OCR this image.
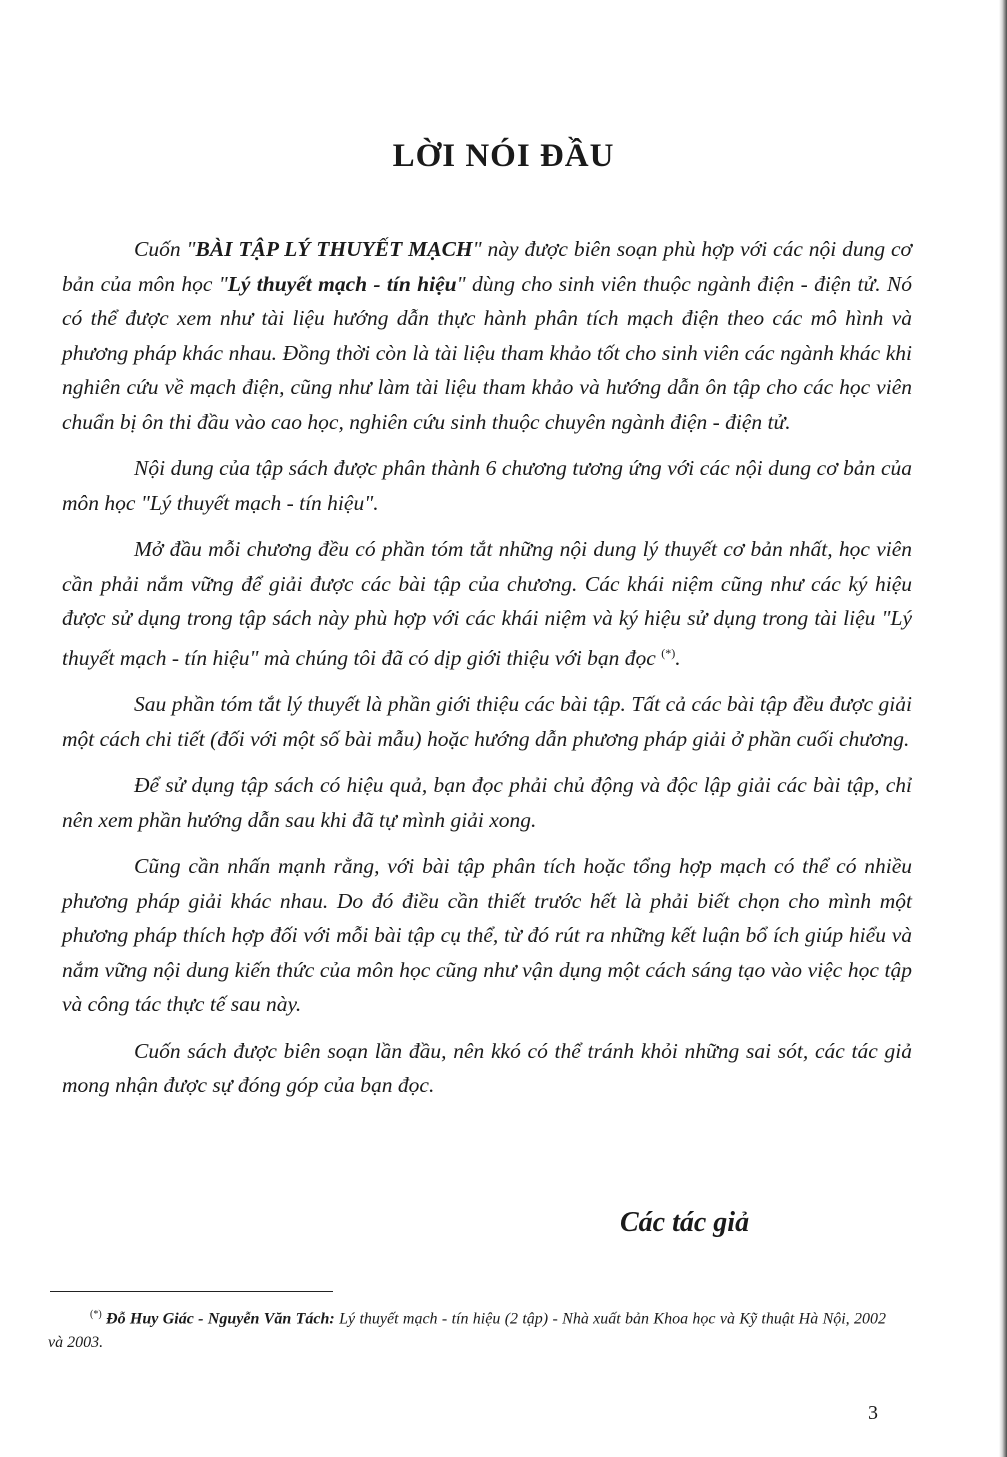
LỜI NÓI ĐẦU

Cuốn "BÀI TẬP LÝ THUYẾT MẠCH" này được biên soạn phù hợp với các nội dung cơ bản của môn học "Lý thuyết mạch - tín hiệu" dùng cho sinh viên thuộc ngành điện - điện tử. Nó có thể được xem như tài liệu hướng dẫn thực hành phân tích mạch điện theo các mô hình và phương pháp khác nhau. Đồng thời còn là tài liệu tham khảo tốt cho sinh viên các ngành khác khi nghiên cứu về mạch điện, cũng như làm tài liệu tham khảo và hướng dẫn ôn tập cho các học viên chuẩn bị ôn thi đầu vào cao học, nghiên cứu sinh thuộc chuyên ngành điện - điện tử.

Nội dung của tập sách được phân thành 6 chương tương ứng với các nội dung cơ bản của môn học "Lý thuyết mạch - tín hiệu".

Mở đầu mỗi chương đều có phần tóm tắt những nội dung lý thuyết cơ bản nhất, học viên cần phải nắm vững để giải được các bài tập của chương. Các khái niệm cũng như các ký hiệu được sử dụng trong tập sách này phù hợp với các khái niệm và ký hiệu sử dụng trong tài liệu "Lý thuyết mạch - tín hiệu" mà chúng tôi đã có dịp giới thiệu với bạn đọc (*).

Sau phần tóm tắt lý thuyết là phần giới thiệu các bài tập. Tất cả các bài tập đều được giải một cách chi tiết (đối với một số bài mẫu) hoặc hướng dẫn phương pháp giải ở phần cuối chương.

Để sử dụng tập sách có hiệu quả, bạn đọc phải chủ động và độc lập giải các bài tập, chỉ nên xem phần hướng dẫn sau khi đã tự mình giải xong.

Cũng cần nhấn mạnh rằng, với bài tập phân tích hoặc tổng hợp mạch có thể có nhiều phương pháp giải khác nhau. Do đó điều cần thiết trước hết là phải biết chọn cho mình một phương pháp thích hợp đối với mỗi bài tập cụ thể, từ đó rút ra những kết luận bổ ích giúp hiểu và nắm vững nội dung kiến thức của môn học cũng như vận dụng một cách sáng tạo vào việc học tập và công tác thực tế sau này.

Cuốn sách được biên soạn lần đầu, nên kkó có thể tránh khỏi những sai sót, các tác giả mong nhận được sự đóng góp của bạn đọc.

Các tác giả

(*) Đỗ Huy Giác - Nguyễn Văn Tách: Lý thuyết mạch - tín hiệu (2 tập) - Nhà xuất bản Khoa học và Kỹ thuật Hà Nội, 2002 và 2003.

3
